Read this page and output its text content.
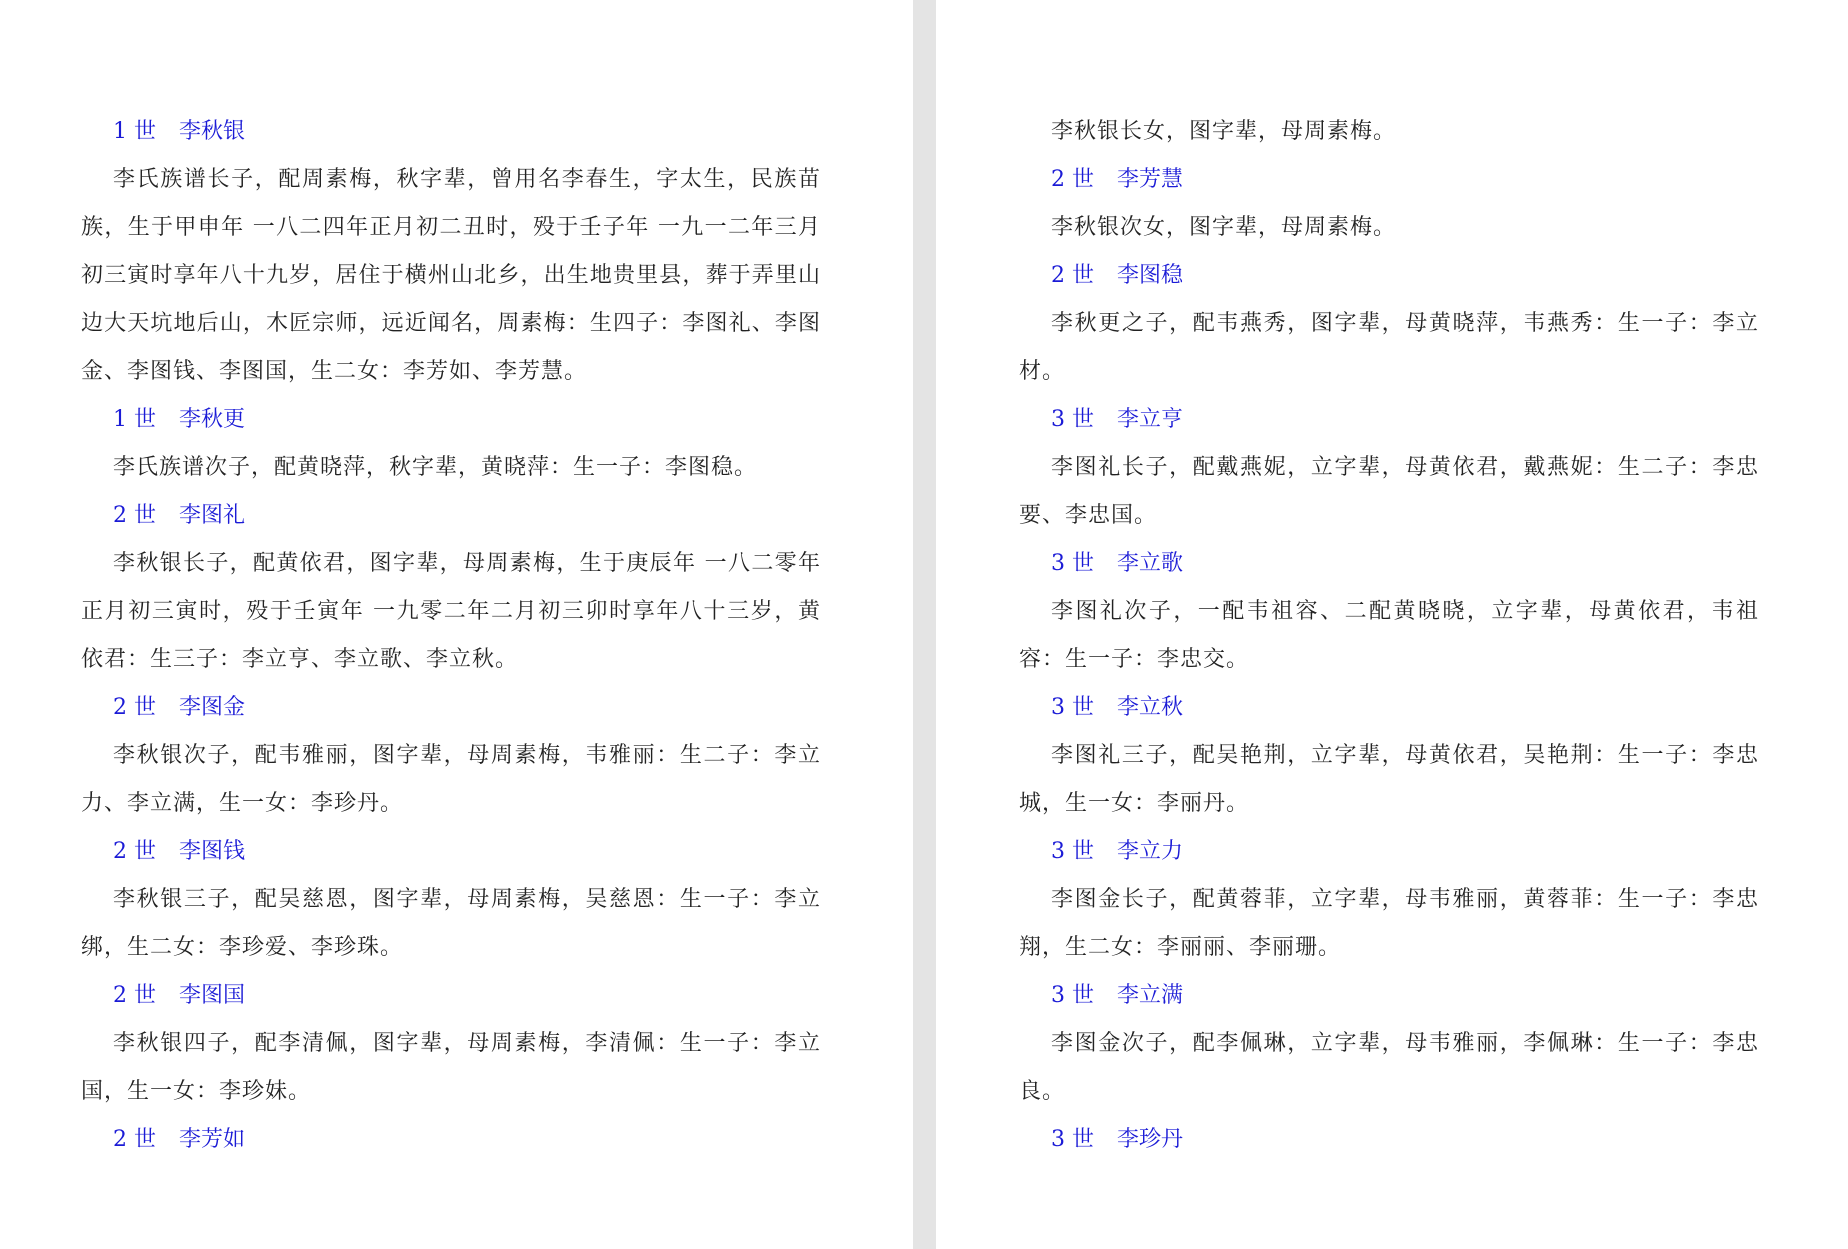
1 世 李秋银

李氏族谱长子，配周素梅，秋字辈，曾用名李春生，字太生，民族苗族，生于甲申年 一八二四年正月初二丑时，殁于壬子年 一九一二年三月初三寅时享年八十九岁，居住于横州山北乡，出生地贵里县，葬于弄里山边大天坑地后山，木匠宗师，远近闻名，周素梅：生四子：李图礼、李图金、李图钱、李图国，生二女：李芳如、李芳慧。

1 世 李秋更

李氏族谱次子，配黄晓萍，秋字辈，黄晓萍：生一子：李图稳。

2 世 李图礼

李秋银长子，配黄依君，图字辈，母周素梅，生于庚辰年 一八二零年正月初三寅时，殁于壬寅年 一九零二年二月初三卯时享年八十三岁，黄依君：生三子：李立亨、李立歌、李立秋。

2 世 李图金

李秋银次子，配韦雅丽，图字辈，母周素梅，韦雅丽：生二子：李立力、李立满，生一女：李珍丹。

2 世 李图钱

李秋银三子，配吴慈恩，图字辈，母周素梅，吴慈恩：生一子：李立绑，生二女：李珍爱、李珍珠。

2 世 李图国

李秋银四子，配李清佩，图字辈，母周素梅，李清佩：生一子：李立国，生一女：李珍妹。

2 世 李芳如

李秋银长女，图字辈，母周素梅。

2 世 李芳慧

李秋银次女，图字辈，母周素梅。

2 世 李图稳

李秋更之子，配韦燕秀，图字辈，母黄晓萍，韦燕秀：生一子：李立材。

3 世 李立亨

李图礼长子，配戴燕妮，立字辈，母黄依君，戴燕妮：生二子：李忠要、李忠国。

3 世 李立歌

李图礼次子，一配韦祖容、二配黄晓晓，立字辈，母黄依君，韦祖容：生一子：李忠交。

3 世 李立秋

李图礼三子，配吴艳荆，立字辈，母黄依君，吴艳荆：生一子：李忠城，生一女：李丽丹。

3 世 李立力

李图金长子，配黄蓉菲，立字辈，母韦雅丽，黄蓉菲：生一子：李忠翔，生二女：李丽丽、李丽珊。

3 世 李立满

李图金次子，配李佩琳，立字辈，母韦雅丽，李佩琳：生一子：李忠良。

3 世 李珍丹
